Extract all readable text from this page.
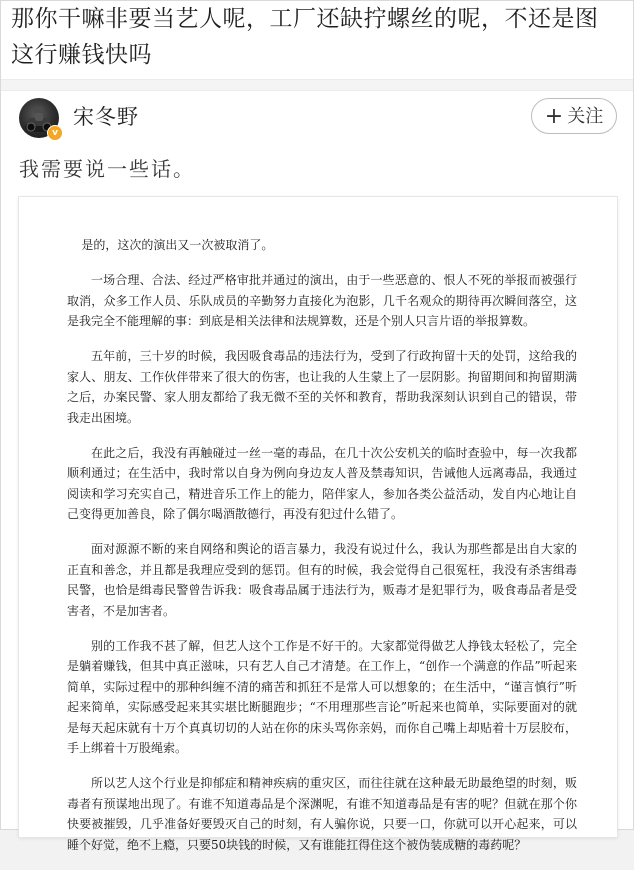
那你干嘛非要当艺人呢，工厂还缺拧螺丝的呢，不还是图这行赚钱快吗
v
宋冬野	+ 关注
我需要说一些话。

是的，这次的演出又一次被取消了。

一场合理、合法、经过严格审批并通过的演出，由于一些恶意的、恨人不死的举报而被强行取消，众多工作人员、乐队成员的辛勤努力直接化为泡影，几千名观众的期待再次瞬间落空，这是我完全不能理解的事：到底是相关法律和法规算数，还是个别人只言片语的举报算数。

五年前，三十岁的时候，我因吸食毒品的违法行为，受到了行政拘留十天的处罚，这给我的家人、朋友、工作伙伴带来了很大的伤害，也让我的人生蒙上了一层阴影。拘留期间和拘留期满之后，办案民警、家人朋友都给了我无微不至的关怀和教育，帮助我深刻认识到自己的错误，带我走出困境。

在此之后，我没有再触碰过一丝一毫的毒品，在几十次公安机关的临时查验中，每一次我都顺利通过；在生活中，我时常以自身为例向身边友人普及禁毒知识，告诫他人远离毒品，我通过阅读和学习充实自己，精进音乐工作上的能力，陪伴家人，参加各类公益活动，发自内心地让自己变得更加善良，除了偶尔喝酒散德行，再没有犯过什么错了。

面对源源不断的来自网络和舆论的语言暴力，我没有说过什么，我认为那些都是出自大家的正直和善念，并且都是我理应受到的惩罚。但有的时候，我会觉得自己很冤枉，我没有杀害缉毒民警，也恰是缉毒民警曾告诉我：吸食毒品属于违法行为，贩毒才是犯罪行为，吸食毒品者是受害者，不是加害者。

别的工作我不甚了解，但艺人这个工作是不好干的。大家都觉得做艺人挣钱太轻松了，完全是躺着赚钱，但其中真正滋味，只有艺人自己才清楚。在工作上，“创作一个满意的作品”听起来简单，实际过程中的那种纠缠不清的痛苦和抓狂不是常人可以想象的；在生活中，“谨言慎行”听起来简单，实际感受起来其实堪比断腿跑步；“不用理那些言论”听起来也简单，实际要面对的就是每天起床就有十万个真真切切的人站在你的床头骂你亲妈，而你自己嘴上却贴着十万层胶布，手上绑着十万股绳索。

所以艺人这个行业是抑郁症和精神疾病的重灾区，而往往就在这种最无助最绝望的时刻，贩毒者有预谋地出现了。有谁不知道毒品是个深渊呢，有谁不知道毒品是有害的呢？但就在那个你快要被摧毁，几乎准备好要毁灭自己的时刻，有人骗你说，只要一口，你就可以开心起来，可以睡个好觉，绝不上瘾，只要50块钱的时候，又有谁能扛得住这个被伪装成糖的毒药呢？
